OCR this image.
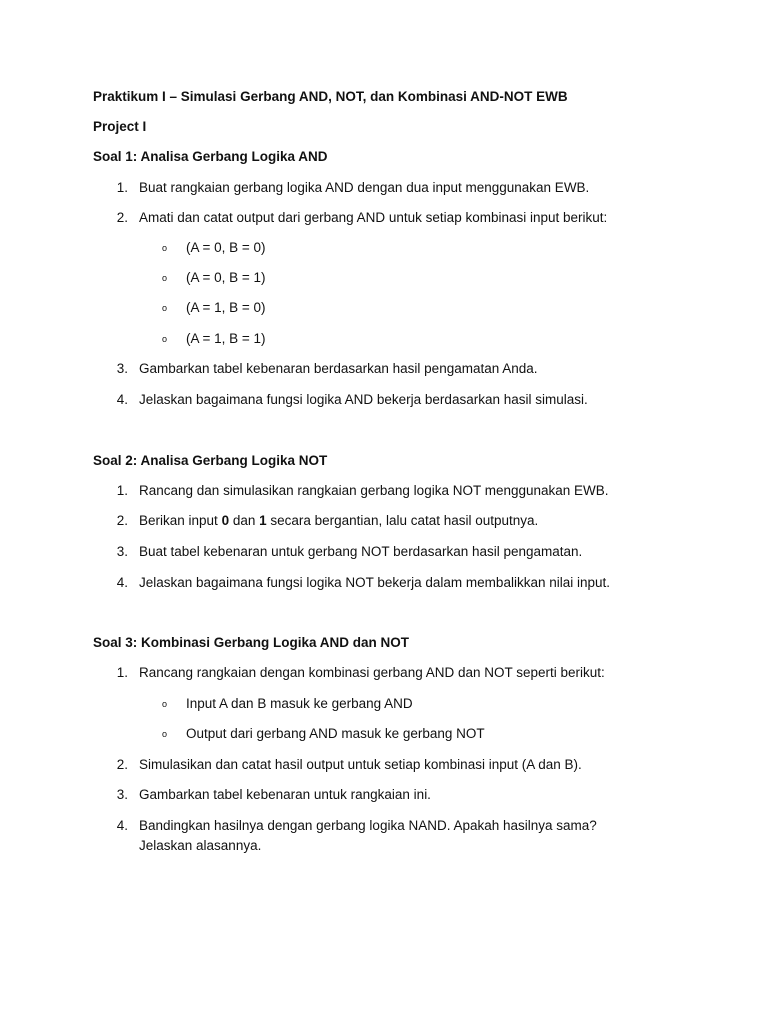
Praktikum I – Simulasi Gerbang AND, NOT, dan Kombinasi AND-NOT EWB
Project I
Soal 1: Analisa Gerbang Logika AND
1. Buat rangkaian gerbang logika AND dengan dua input menggunakan EWB.
2. Amati dan catat output dari gerbang AND untuk setiap kombinasi input berikut:
o (A = 0, B = 0)
o (A = 0, B = 1)
o (A = 1, B = 0)
o (A = 1, B = 1)
3. Gambarkan tabel kebenaran berdasarkan hasil pengamatan Anda.
4. Jelaskan bagaimana fungsi logika AND bekerja berdasarkan hasil simulasi.
Soal 2: Analisa Gerbang Logika NOT
1. Rancang dan simulasikan rangkaian gerbang logika NOT menggunakan EWB.
2. Berikan input 0 dan 1 secara bergantian, lalu catat hasil outputnya.
3. Buat tabel kebenaran untuk gerbang NOT berdasarkan hasil pengamatan.
4. Jelaskan bagaimana fungsi logika NOT bekerja dalam membalikkan nilai input.
Soal 3: Kombinasi Gerbang Logika AND dan NOT
1. Rancang rangkaian dengan kombinasi gerbang AND dan NOT seperti berikut:
o Input A dan B masuk ke gerbang AND
o Output dari gerbang AND masuk ke gerbang NOT
2. Simulasikan dan catat hasil output untuk setiap kombinasi input (A dan B).
3. Gambarkan tabel kebenaran untuk rangkaian ini.
4. Bandingkan hasilnya dengan gerbang logika NAND. Apakah hasilnya sama?
Jelaskan alasannya.
